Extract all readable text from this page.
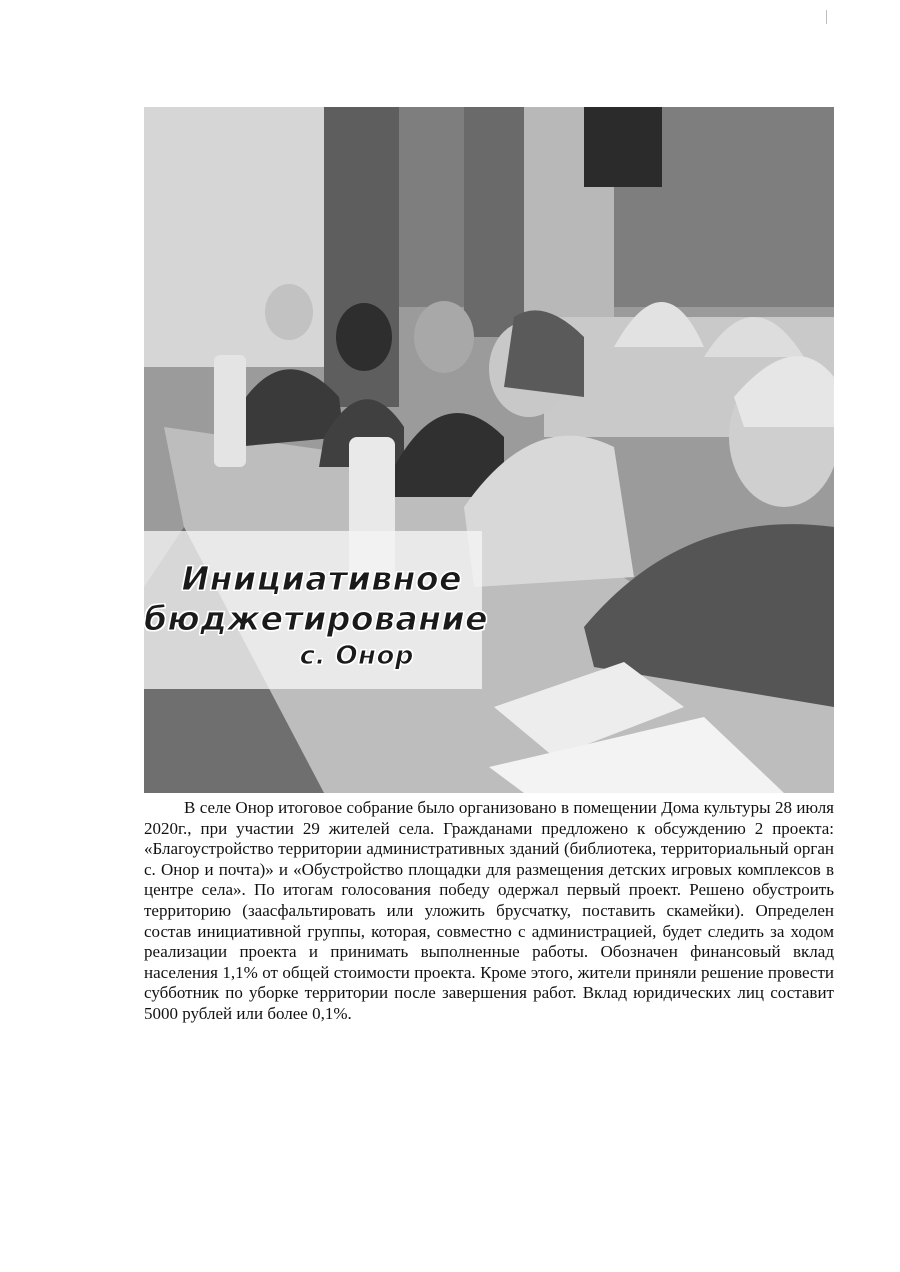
Инициативное
бюджетирование
с. Онор

В селе Онор итоговое собрание было организовано в помещении Дома культуры 28 июля 2020г., при участии 29 жителей села. Гражданами предложено к обсуждению 2 проекта: «Благоустройство территории административных зданий (библиотека, территориальный орган с. Онор и почта)» и «Обустройство площадки для размещения детских игровых комплексов в центре села». По итогам голосования победу одержал первый проект. Решено обустроить территорию (заасфальтировать или уложить брусчатку, поставить скамейки). Определен состав инициативной группы, которая, совместно с администрацией, будет следить за ходом реализации проекта и принимать выполненные работы. Обозначен финансовый вклад населения 1,1% от общей стоимости проекта. Кроме этого, жители приняли решение провести субботник по уборке территории после завершения работ. Вклад юридических лиц составит 5000 рублей или более 0,1%.
